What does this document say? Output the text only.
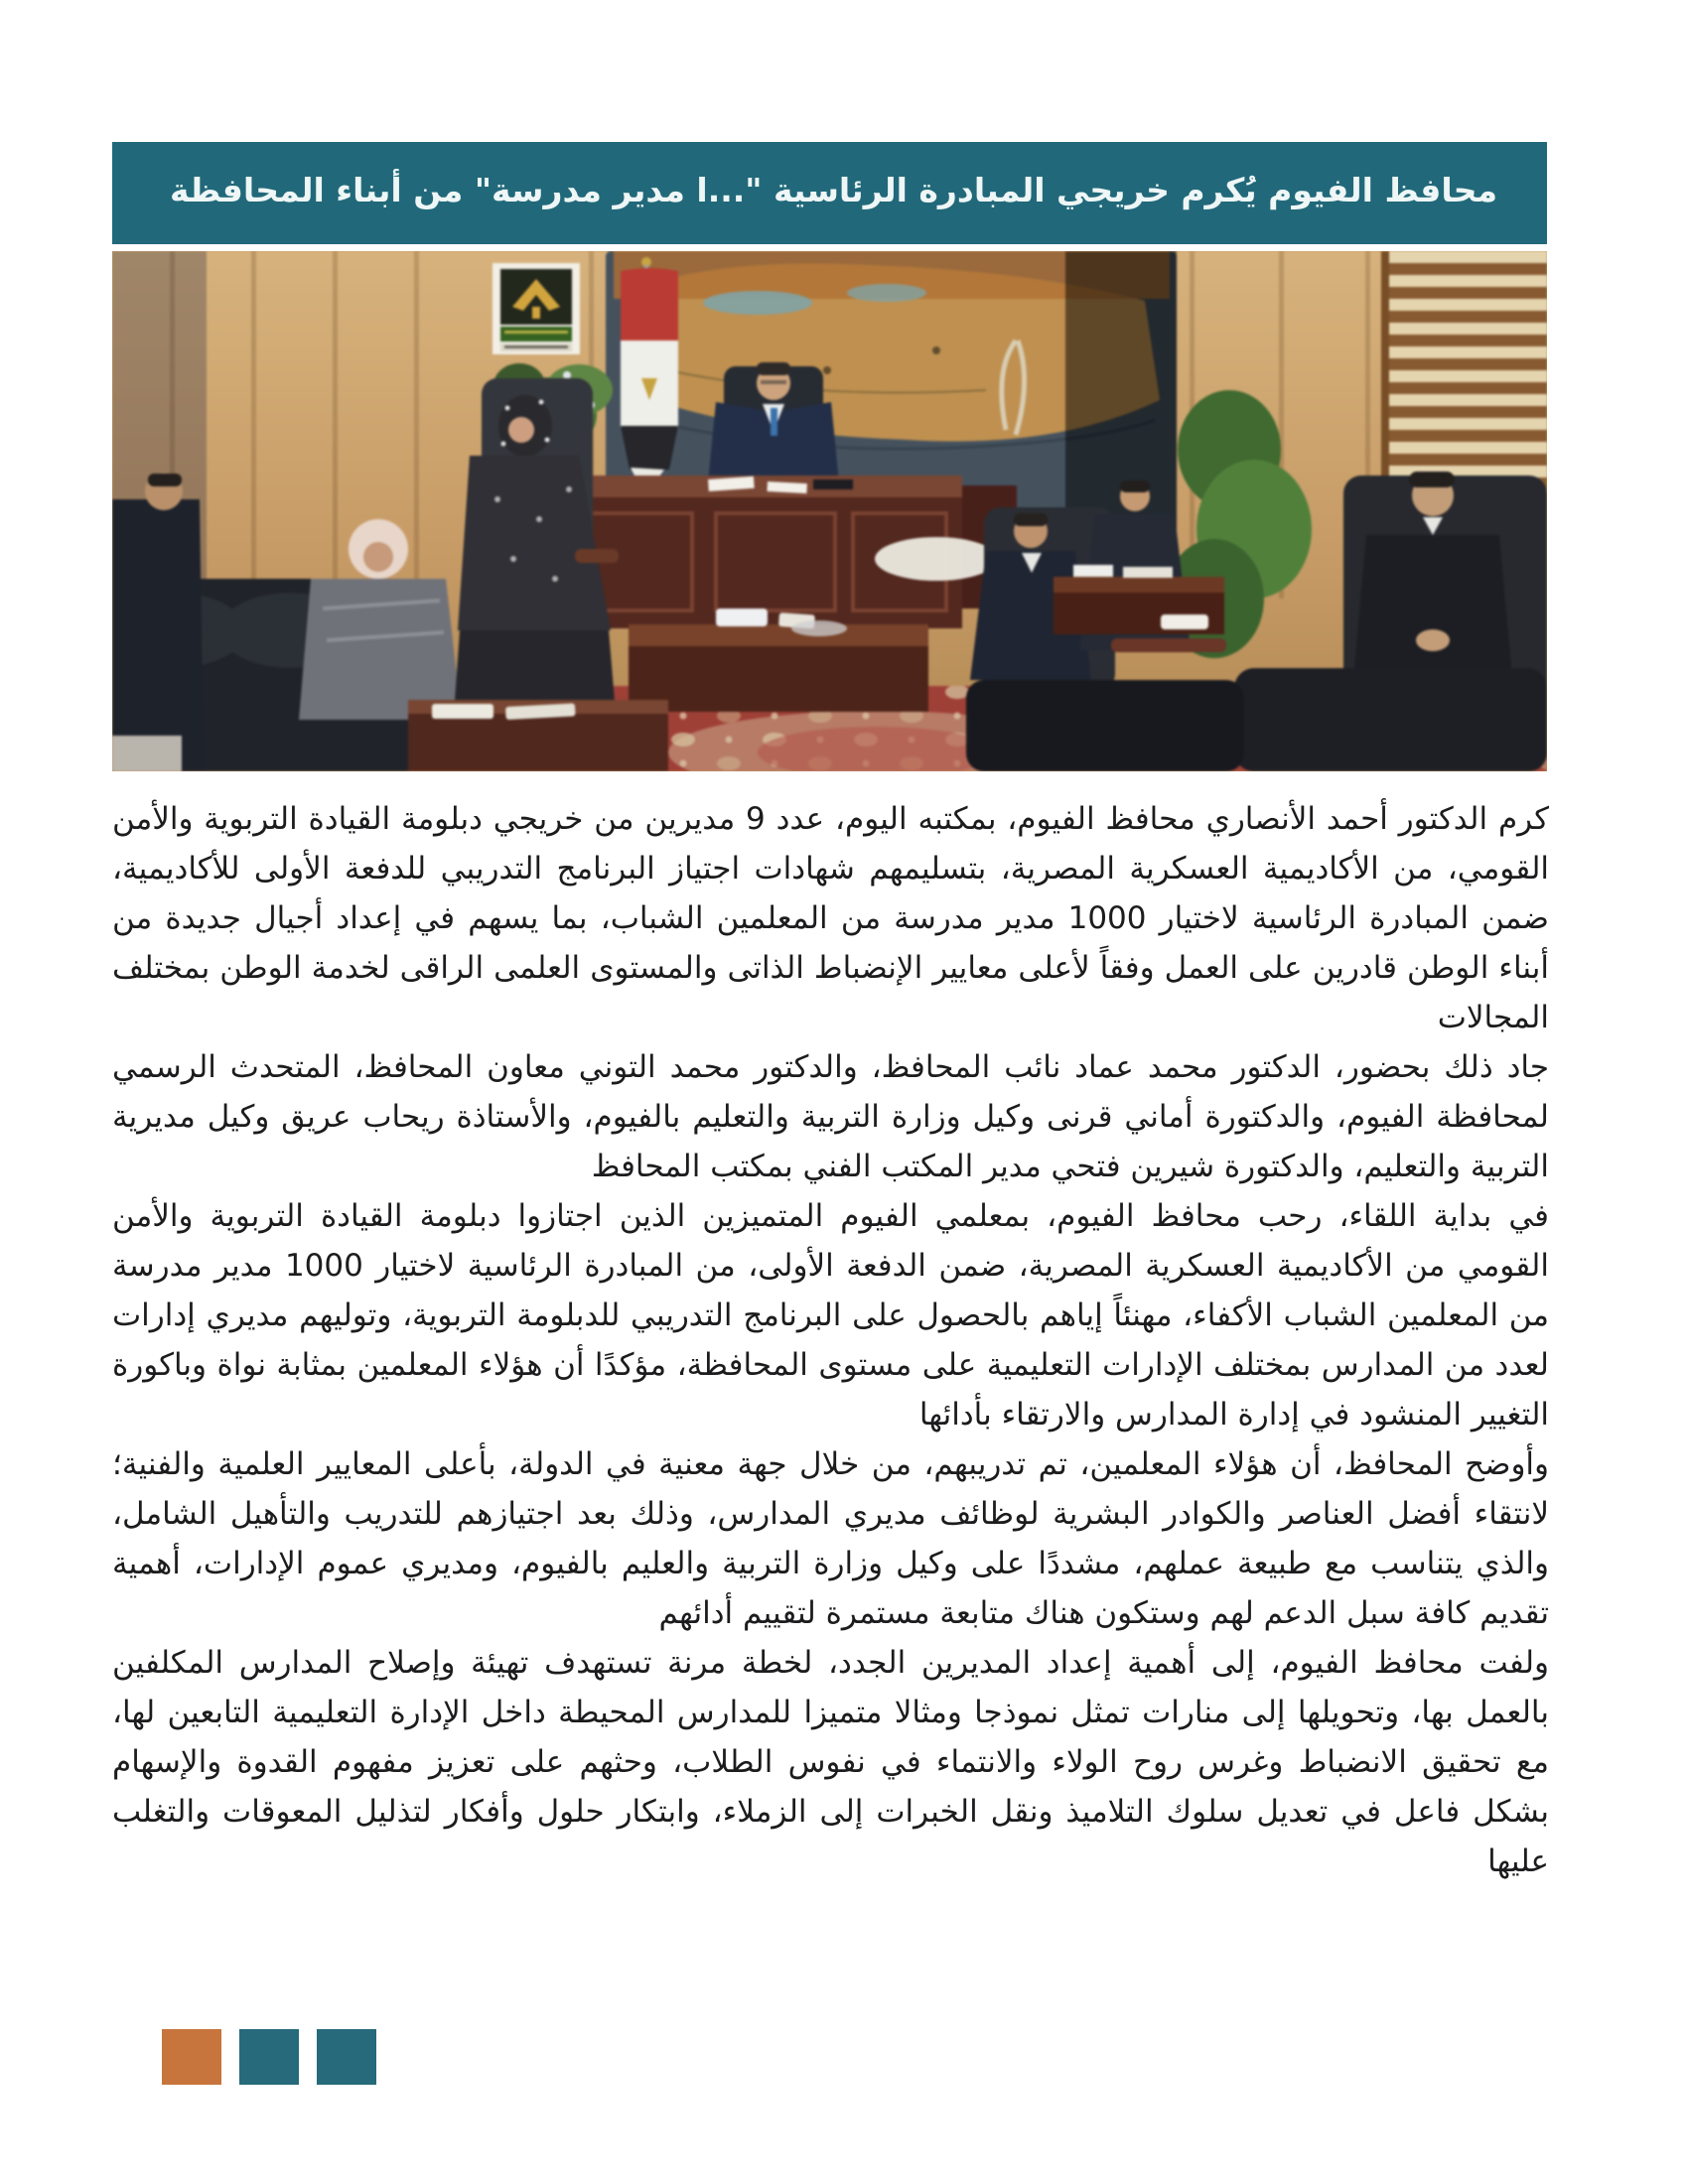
محافظ الفيوم يُكرم خريجي المبادرة الرئاسية "...ا مدير مدرسة" من أبناء المحافظة

كرم الدكتور أحمد الأنصاري محافظ الفيوم، بمكتبه اليوم، عدد 9 مديرين من خريجي دبلومة القيادة التربوية والأمن القومي، من الأكاديمية العسكرية المصرية، بتسليمهم شهادات اجتياز البرنامج التدريبي للدفعة الأولى للأكاديمية، ضمن المبادرة الرئاسية لاختيار 1000 مدير مدرسة من المعلمين الشباب، بما يسهم في إعداد أجيال جديدة من أبناء الوطن قادرين على العمل وفقاً لأعلى معايير الإنضباط الذاتى والمستوى العلمى الراقى لخدمة الوطن بمختلف المجالات

جاد ذلك بحضور، الدكتور محمد عماد نائب المحافظ، والدكتور محمد التوني معاون المحافظ، المتحدث الرسمي لمحافظة الفيوم، والدكتورة أماني قرنى وكيل وزارة التربية والتعليم بالفيوم، والأستاذة ريحاب عريق وكيل مديرية التربية والتعليم، والدكتورة شيرين فتحي مدير المكتب الفني بمكتب المحافظ

في بداية اللقاء، رحب محافظ الفيوم، بمعلمي الفيوم المتميزين الذين اجتازوا دبلومة القيادة التربوية والأمن القومي من الأكاديمية العسكرية المصرية، ضمن الدفعة الأولى، من المبادرة الرئاسية لاختيار 1000 مدير مدرسة من المعلمين الشباب الأكفاء، مهنئاً إياهم بالحصول على البرنامج التدريبي للدبلومة التربوية، وتوليهم مديري إدارات لعدد من المدارس بمختلف الإدارات التعليمية على مستوى المحافظة، مؤكدًا أن هؤلاء المعلمين بمثابة نواة وباكورة التغيير المنشود في إدارة المدارس والارتقاء بأدائها

وأوضح المحافظ، أن هؤلاء المعلمين، تم تدريبهم، من خلال جهة معنية في الدولة، بأعلى المعايير العلمية والفنية؛ لانتقاء أفضل العناصر والكوادر البشرية لوظائف مديري المدارس، وذلك بعد اجتيازهم للتدريب والتأهيل الشامل، والذي يتناسب مع طبيعة عملهم، مشددًا على وكيل وزارة التربية والعليم بالفيوم، ومديري عموم الإدارات، أهمية تقديم كافة سبل الدعم لهم وستكون هناك متابعة مستمرة لتقييم أدائهم

ولفت محافظ الفيوم، إلى أهمية إعداد المديرين الجدد، لخطة مرنة تستهدف تهيئة وإصلاح المدارس المكلفين بالعمل بها، وتحويلها إلى منارات تمثل نموذجا ومثالا متميزا للمدارس المحيطة داخل الإدارة التعليمية التابعين لها، مع تحقيق الانضباط وغرس روح الولاء والانتماء في نفوس الطلاب، وحثهم على تعزيز مفهوم القدوة والإسهام بشكل فاعل في تعديل سلوك التلاميذ ونقل الخبرات إلى الزملاء، وابتكار حلول وأفكار لتذليل المعوقات والتغلب عليها
